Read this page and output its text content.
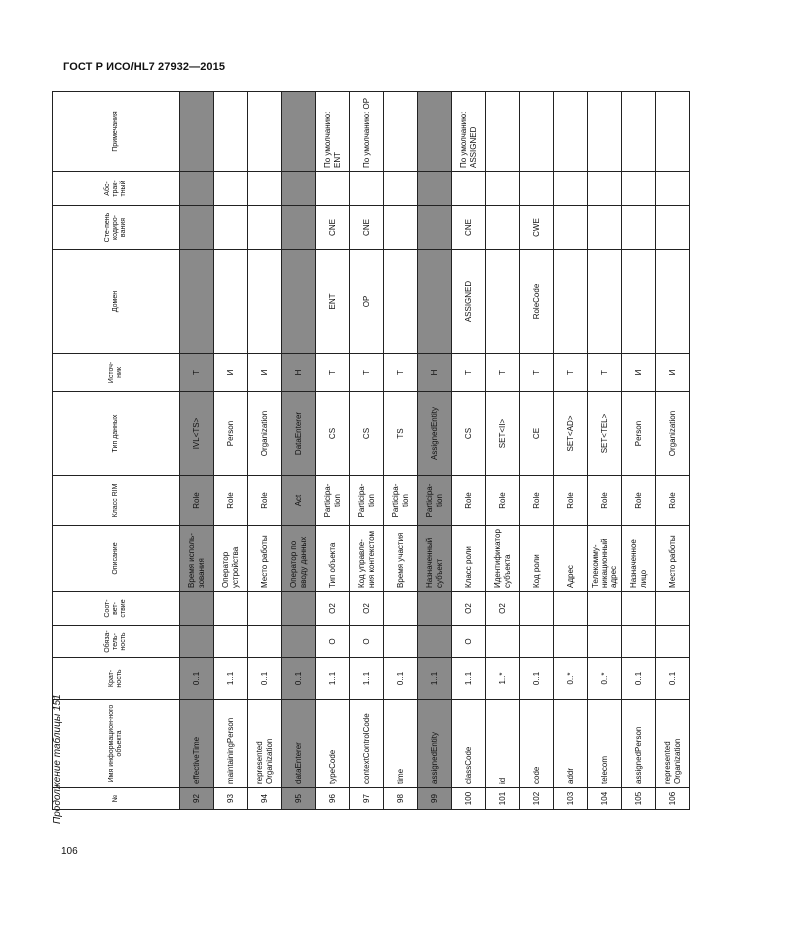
ГОСТ Р ИСО/HL7 27932—2015
Продолжение таблицы 151	№	Имя информацион-ного объекта	Крат-ность	Обяза-тель-ность	Соот-вет-ствие	Описание	Класс RIM	Тип данных	Источ-ник	Домен	Сте-пень кодиро-вания	Абс-трак-тный	Примечания
92	effectiveTime	0..1			Время исполь-зования	Role	IVL<TS>	T				
93	maintainingPerson	1..1			Оператор устройства	Role	Person	И				
94	represented Organization	0..1			Место работы	Role	Organization	И				
95	dataEnterer	0..1			Оператор по вводу данных	Act	DataEnterer	Н				
96	typeCode	1..1	O	O2	Тип объекта	Participa-tion	CS	T	ENT	CNE		По умолчанию: ENT
97	contextControlCode	1..1	O	O2	Код управле-ния контекстом	Participa-tion	CS	T	OP	CNE		По умолчанию: OP
98	time	0..1			Время участия	Participa-tion	TS	T				
99	assignedEntity	1..1			Назначенный субъект	Participa-tion	AssignedEntity	Н				
100	classCode	1..1	O	O2	Класс роли	Role	CS	T	ASSIGNED	CNE		По умолчанию: ASSIGNED
101	id	1..*		O2	Идентификатор субъекта	Role	SET<II>	T				
102	code	0..1			Код роли	Role	CE	T	RoleCode	CWE		
103	addr	0..*			Адрес	Role	SET<AD>	T				
104	telecom	0..*			Телекомму-никационный адрес	Role	SET<TEL>	T				
105	assignedPerson	0..1			Назначенное лицо	Role	Person	И				
106	represented Organization	0..1			Место работы	Role	Organization	И				
106
